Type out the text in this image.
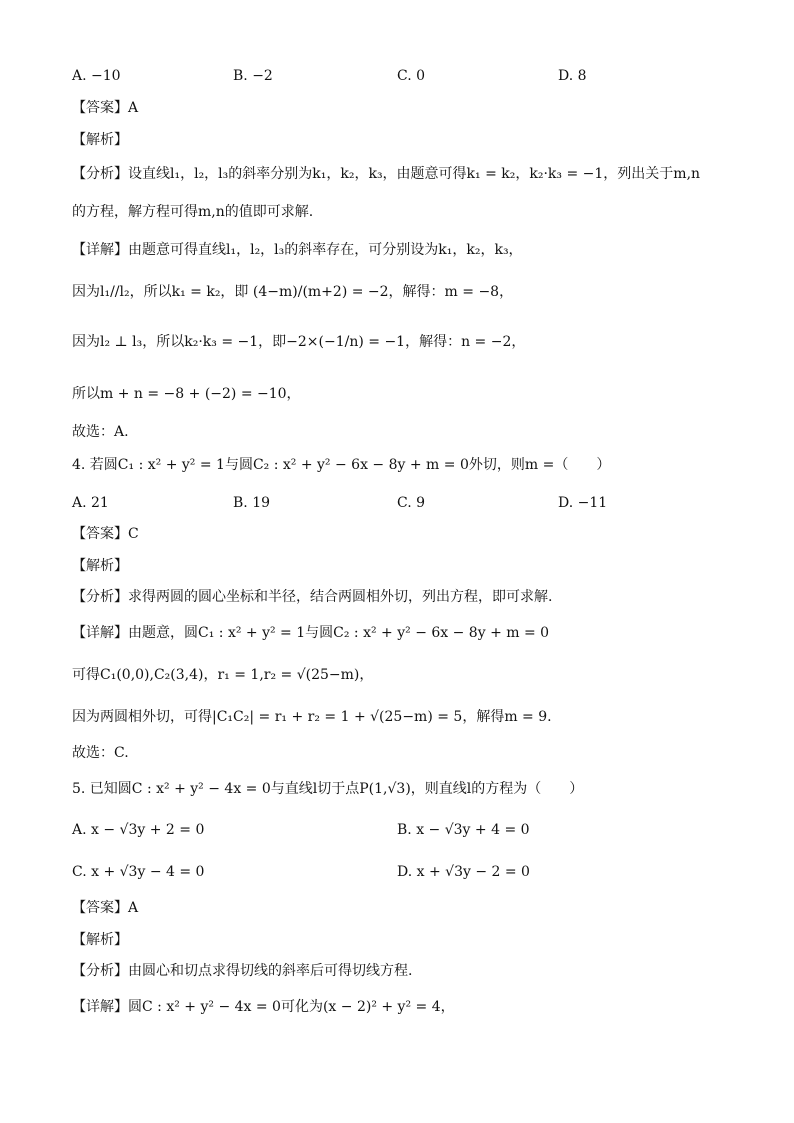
A. −10	B. −2	C. 0	D. 8
【答案】A
【解析】
【分析】设直线l₁，l₂，l₃的斜率分别为k₁，k₂，k₃，由题意可得k₁ = k₂，k₂·k₃ = −1，列出关于m,n
的方程，解方程可得m,n的值即可求解.
【详解】由题意可得直线l₁，l₂，l₃的斜率存在，可分别设为k₁，k₂，k₃，
因为l₁//l₂，所以k₁ = k₂，即 (4−m)/(m+2) = −2，解得：m = −8，
因为l₂ ⊥ l₃，所以k₂·k₃ = −1，即−2×(−1/n) = −1，解得：n = −2，
所以m + n = −8 + (−2) = −10，
故选：A.
4. 若圆C₁ : x² + y² = 1与圆C₂ : x² + y² − 6x − 8y + m = 0外切，则m =（　　）
A. 21	B. 19	C. 9	D. −11
【答案】C
【解析】
【分析】求得两圆的圆心坐标和半径，结合两圆相外切，列出方程，即可求解.
【详解】由题意，圆C₁ : x² + y² = 1与圆C₂ : x² + y² − 6x − 8y + m = 0
可得C₁(0,0),C₂(3,4)，r₁ = 1,r₂ = √(25−m)，
因为两圆相外切，可得|C₁C₂| = r₁ + r₂ = 1 + √(25−m) = 5，解得m = 9.
故选：C.
5. 已知圆C : x² + y² − 4x = 0与直线l切于点P(1,√3)，则直线l的方程为（　　）
A. x − √3y + 2 = 0	B. x − √3y + 4 = 0
C. x + √3y − 4 = 0	D. x + √3y − 2 = 0
【答案】A
【解析】
【分析】由圆心和切点求得切线的斜率后可得切线方程.
【详解】圆C : x² + y² − 4x = 0可化为(x − 2)² + y² = 4，
